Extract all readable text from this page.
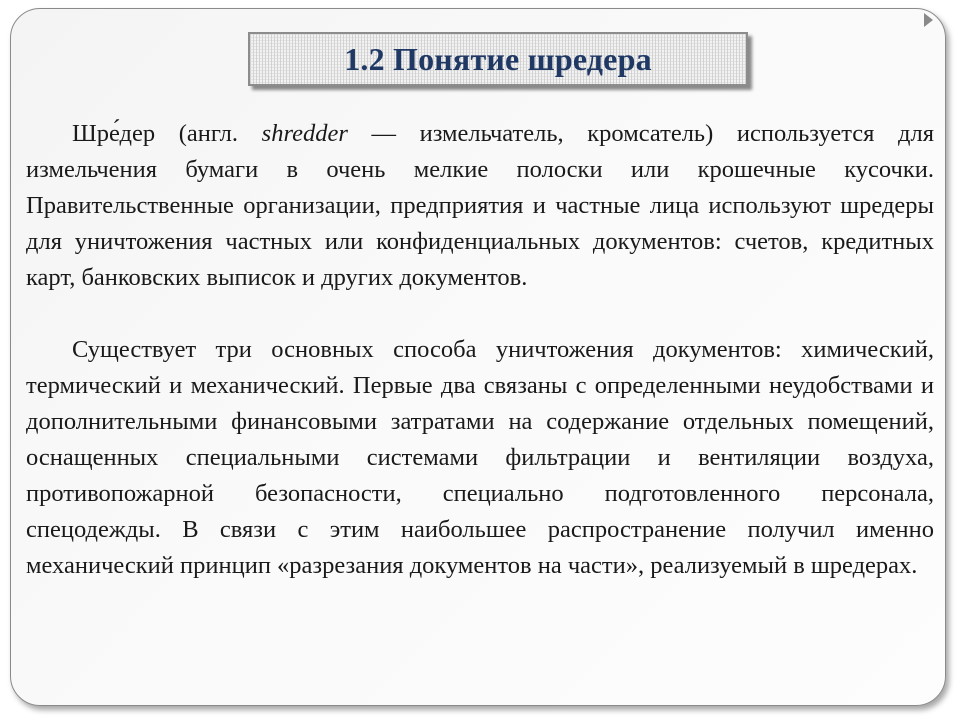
1.2 Понятие шредера

Шре́дер (англ. shredder — измельчатель, кромсатель) используется для измельчения бумаги в очень мелкие полоски или крошечные кусочки. Правительственные организации, предприятия и частные лица используют шредеры для уничтожения частных или конфиденциальных документов: счетов, кредитных карт, банковских выписок и других документов.

Существует три основных способа уничтожения документов: химический, термический и механический. Первые два связаны с определенными неудобствами и дополнительными финансовыми затратами на содержание отдельных помещений, оснащенных специальными системами фильтрации и вентиляции воздуха, противопожарной безопасности, специально подготовленного персонала, спецодежды. В связи с этим наибольшее распространение получил именно механический принцип «разрезания документов на части», реализуемый в шредерах.
